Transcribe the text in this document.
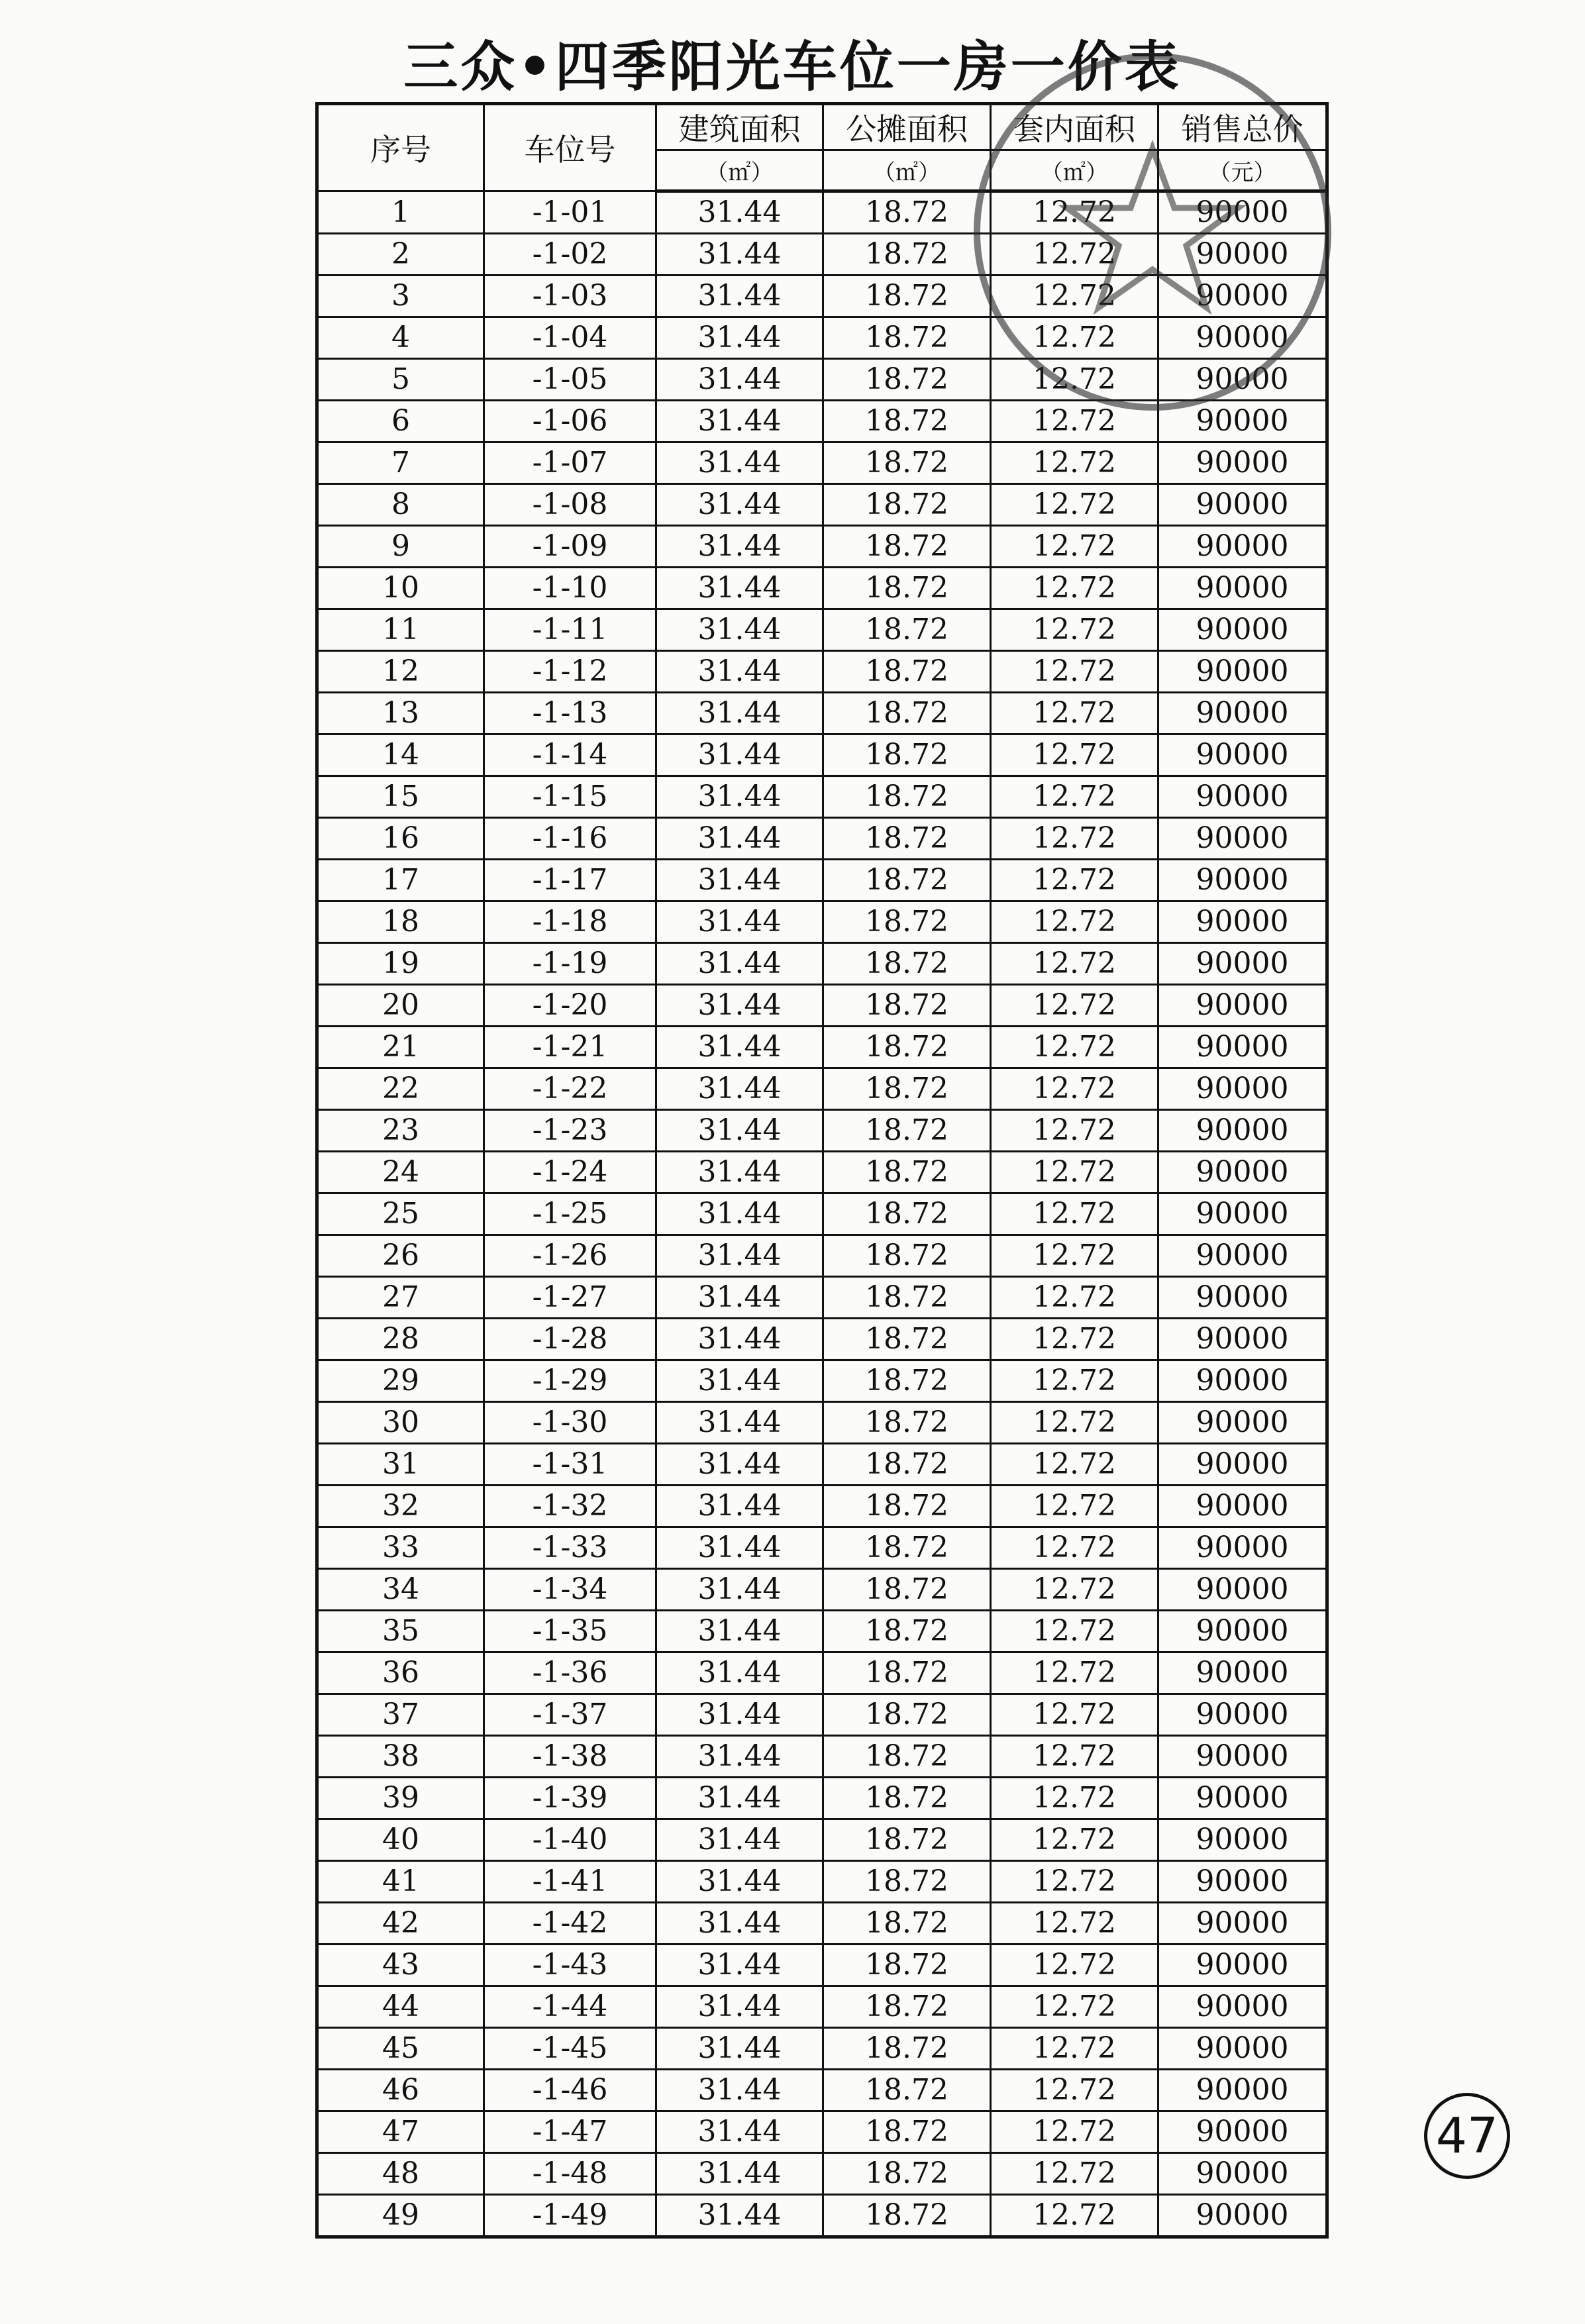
三众•四季阳光车位一房一价表
序号	车位号	建筑面积	公摊面积	套内面积	销售总价
		（㎡）	（㎡）	（㎡）	（元）
1	-1-01	31.44	18.72	12.72	90000
2	-1-02	31.44	18.72	12.72	90000
3	-1-03	31.44	18.72	12.72	90000
4	-1-04	31.44	18.72	12.72	90000
5	-1-05	31.44	18.72	12.72	90000
6	-1-06	31.44	18.72	12.72	90000
7	-1-07	31.44	18.72	12.72	90000
8	-1-08	31.44	18.72	12.72	90000
9	-1-09	31.44	18.72	12.72	90000
10	-1-10	31.44	18.72	12.72	90000
11	-1-11	31.44	18.72	12.72	90000
12	-1-12	31.44	18.72	12.72	90000
13	-1-13	31.44	18.72	12.72	90000
14	-1-14	31.44	18.72	12.72	90000
15	-1-15	31.44	18.72	12.72	90000
16	-1-16	31.44	18.72	12.72	90000
17	-1-17	31.44	18.72	12.72	90000
18	-1-18	31.44	18.72	12.72	90000
19	-1-19	31.44	18.72	12.72	90000
20	-1-20	31.44	18.72	12.72	90000
21	-1-21	31.44	18.72	12.72	90000
22	-1-22	31.44	18.72	12.72	90000
23	-1-23	31.44	18.72	12.72	90000
24	-1-24	31.44	18.72	12.72	90000
25	-1-25	31.44	18.72	12.72	90000
26	-1-26	31.44	18.72	12.72	90000
27	-1-27	31.44	18.72	12.72	90000
28	-1-28	31.44	18.72	12.72	90000
29	-1-29	31.44	18.72	12.72	90000
30	-1-30	31.44	18.72	12.72	90000
31	-1-31	31.44	18.72	12.72	90000
32	-1-32	31.44	18.72	12.72	90000
33	-1-33	31.44	18.72	12.72	90000
34	-1-34	31.44	18.72	12.72	90000
35	-1-35	31.44	18.72	12.72	90000
36	-1-36	31.44	18.72	12.72	90000
37	-1-37	31.44	18.72	12.72	90000
38	-1-38	31.44	18.72	12.72	90000
39	-1-39	31.44	18.72	12.72	90000
40	-1-40	31.44	18.72	12.72	90000
41	-1-41	31.44	18.72	12.72	90000
42	-1-42	31.44	18.72	12.72	90000
43	-1-43	31.44	18.72	12.72	90000
44	-1-44	31.44	18.72	12.72	90000
45	-1-45	31.44	18.72	12.72	90000
46	-1-46	31.44	18.72	12.72	90000
47	-1-47	31.44	18.72	12.72	90000
48	-1-48	31.44	18.72	12.72	90000
49	-1-49	31.44	18.72	12.72	90000
47
